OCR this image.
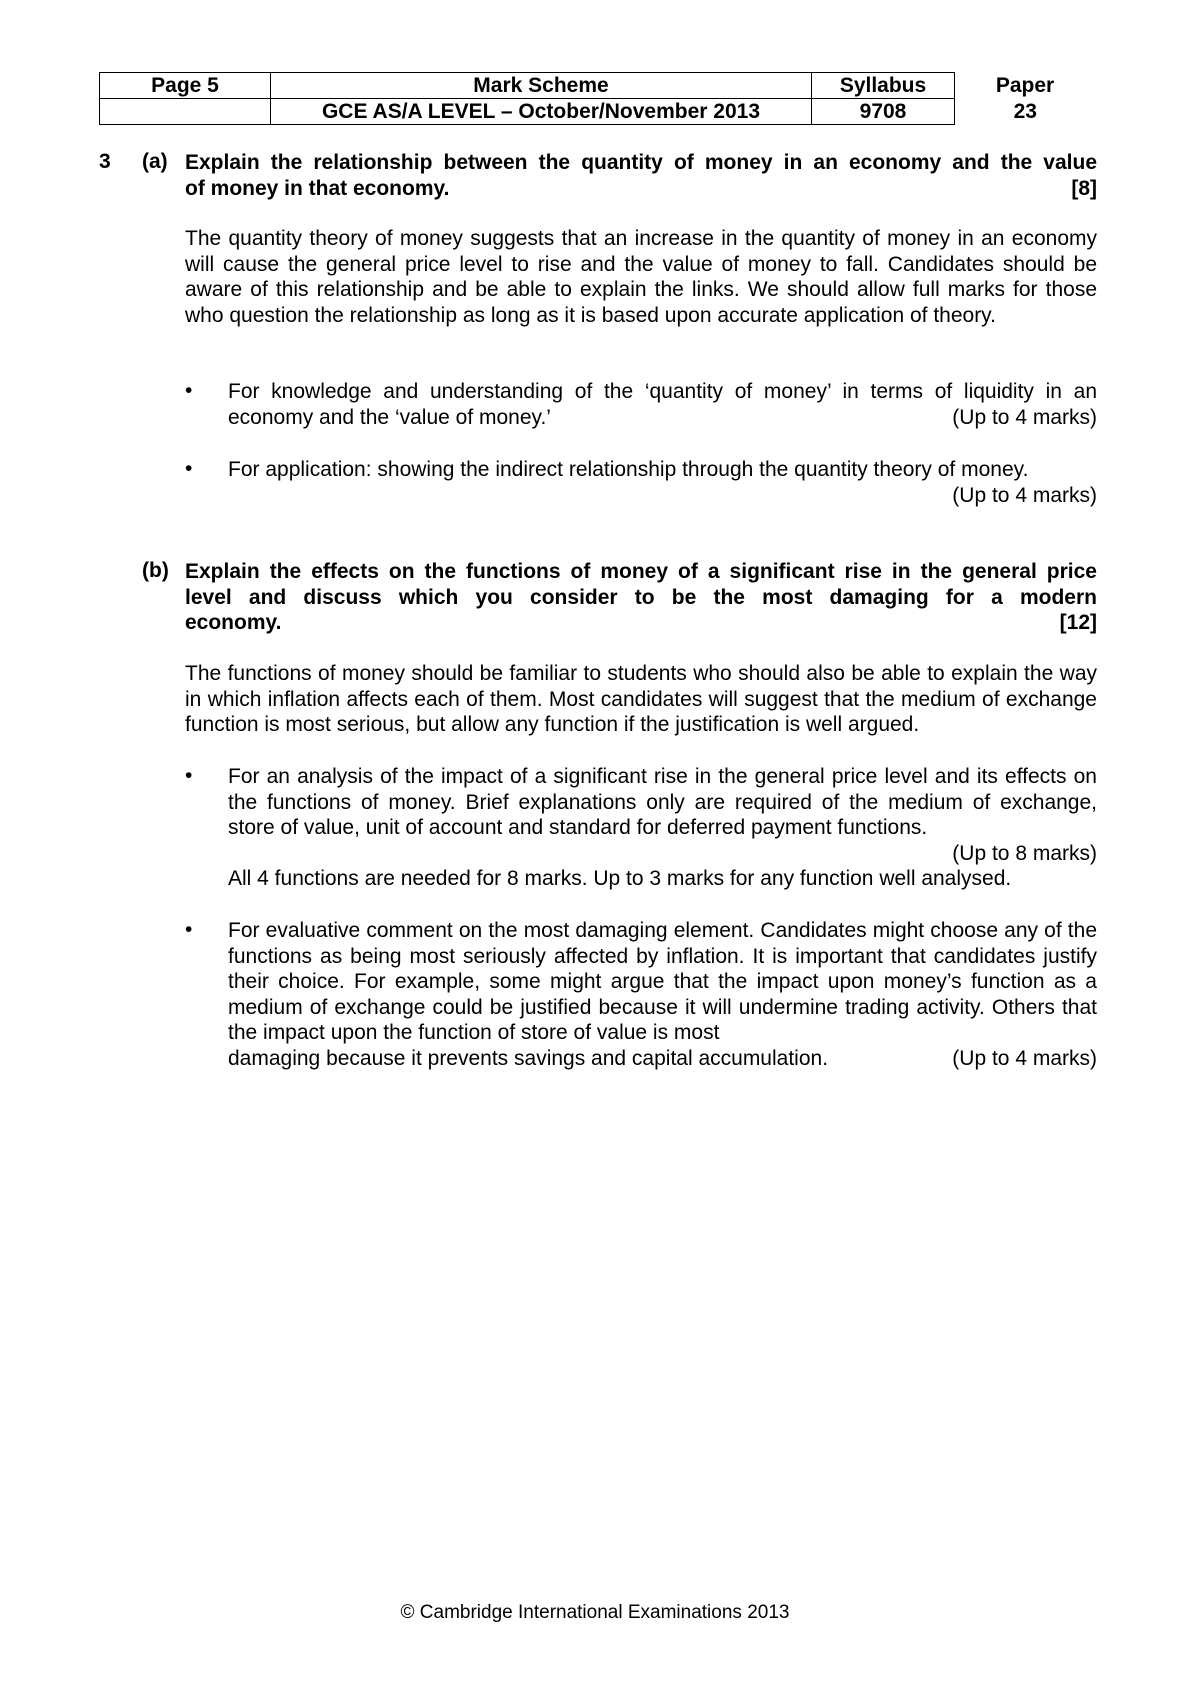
Page 5	Mark Scheme	Syllabus	Paper
	GCE AS/A LEVEL – October/November 2013	9708	23
3 (a) Explain the relationship between the quantity of money in an economy and the value
of money in that economy.	[8]
The quantity theory of money suggests that an increase in the quantity of money in an economy will cause the general price level to rise and the value of money to fall. Candidates should be aware of this relationship and be able to explain the links. We should allow full marks for those who question the relationship as long as it is based upon accurate application of theory.
• For knowledge and understanding of the ‘quantity of money’ in terms of liquidity in an
economy and the ‘value of money.’	(Up to 4 marks)
• For application: showing the indirect relationship through the quantity theory of money.
(Up to 4 marks)
(b) Explain the effects on the functions of money of a significant rise in the general price
level and discuss which you consider to be the most damaging for a modern
economy.	[12]
The functions of money should be familiar to students who should also be able to explain the way in which inflation affects each of them. Most candidates will suggest that the medium of exchange function is most serious, but allow any function if the justification is well argued.
• For an analysis of the impact of a significant rise in the general price level and its effects on the functions of money. Brief explanations only are required of the medium of exchange, store of value, unit of account and standard for deferred payment functions.
(Up to 8 marks)
All 4 functions are needed for 8 marks. Up to 3 marks for any function well analysed.
• For evaluative comment on the most damaging element. Candidates might choose any of the functions as being most seriously affected by inflation. It is important that candidates justify their choice. For example, some might argue that the impact upon money’s function as a medium of exchange could be justified because it will undermine trading activity. Others that the impact upon the function of store of value is most
damaging because it prevents savings and capital accumulation.	(Up to 4 marks)
© Cambridge International Examinations 2013
